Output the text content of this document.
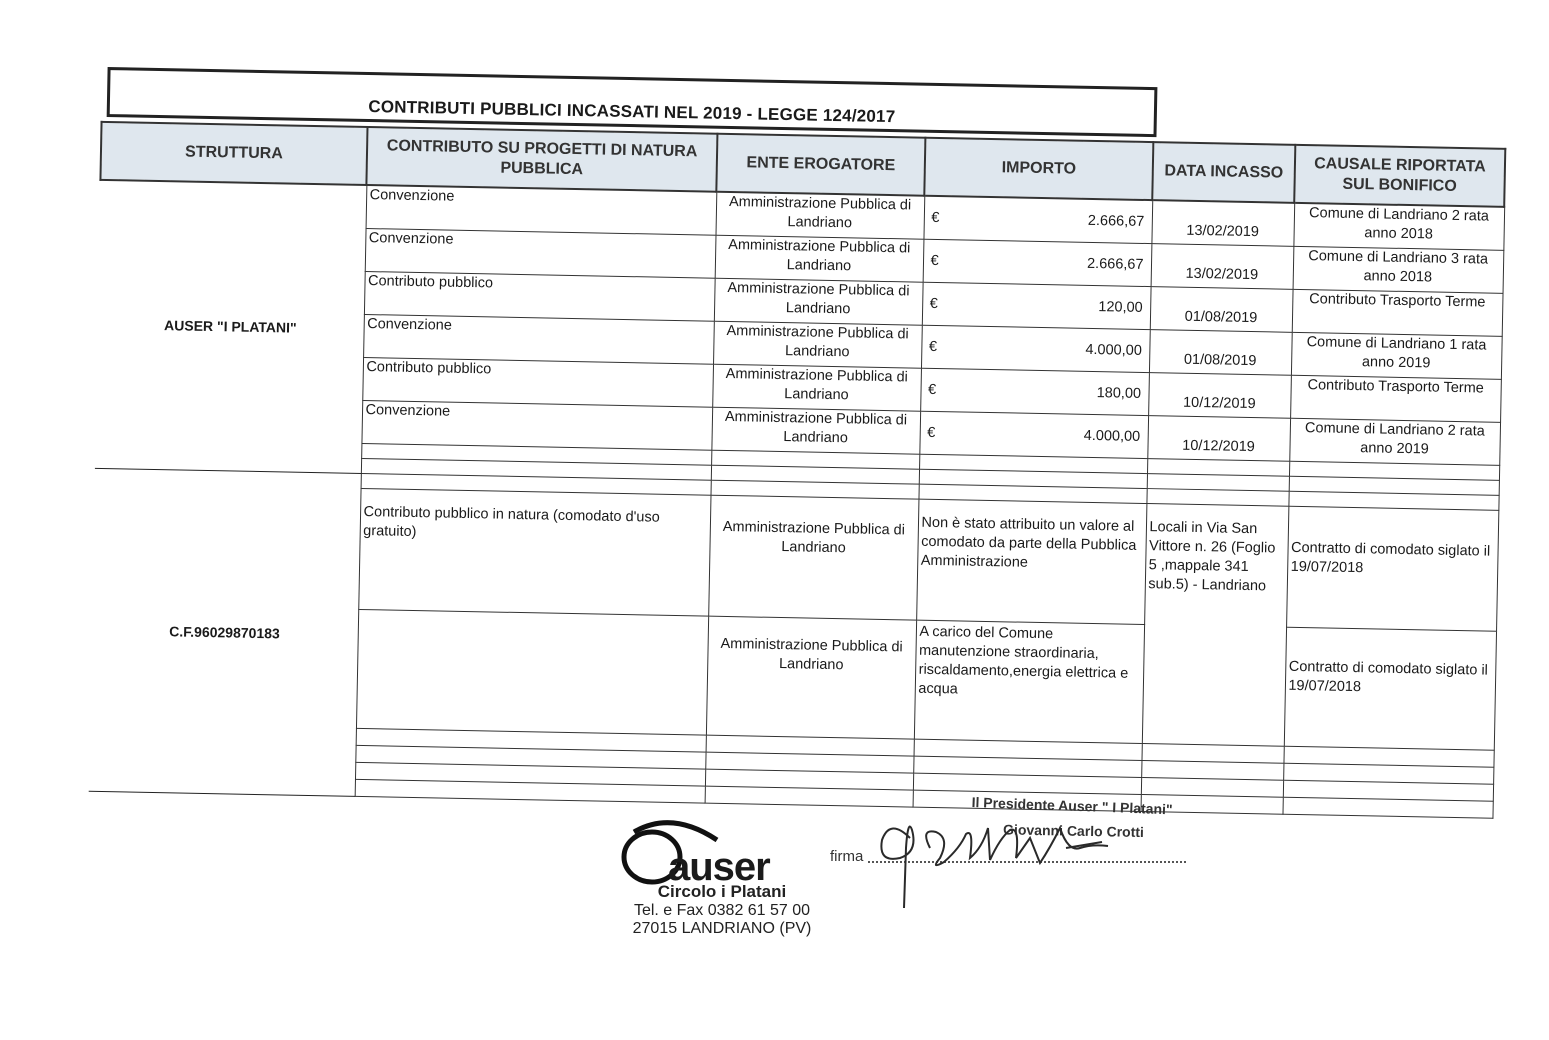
CONTRIBUTI PUBBLICI INCASSATI NEL 2019 - LEGGE 124/2017
STRUTTURA	CONTRIBUTO SU PROGETTI DI NATURA PUBBLICA	ENTE EROGATORE	IMPORTO	DATA INCASSO	CAUSALE RIPORTATA SUL BONIFICO
AUSER "I PLATANI"	Convenzione	Amministrazione Pubblica di Landriano	€ 2.666,67	13/02/2019	Comune di Landriano 2 rata anno 2018
	Convenzione	Amministrazione Pubblica di Landriano	€ 2.666,67	13/02/2019	Comune di Landriano 3 rata anno 2018
	Contributo pubblico	Amministrazione Pubblica di Landriano	€ 120,00	01/08/2019	Contributo Trasporto Terme
	Convenzione	Amministrazione Pubblica di Landriano	€ 4.000,00	01/08/2019	Comune di Landriano 1 rata anno 2019
	Contributo pubblico	Amministrazione Pubblica di Landriano	€ 180,00	10/12/2019	Contributo Trasporto Terme
	Convenzione	Amministrazione Pubblica di Landriano	€ 4.000,00	10/12/2019	Comune di Landriano 2 rata anno 2019

C.F.96029870183					
	Contributo pubblico in natura (comodato d'uso gratuito)	Amministrazione Pubblica di Landriano	Non è stato attribuito un valore al comodato da parte della Pubblica Amministrazione	Locali in Via San Vittore n. 26 (Foglio 5 ,mappale 341 sub.5) - Landriano	Contratto di comodato siglato il 19/07/2018
		Amministrazione Pubblica di Landriano	A carico del Comune manutenzione straordinaria, riscaldamento,energia elettrica e acqua		Contratto di comodato siglato il 19/07/2018

Il Presidente Auser " I Platani"
Giovanni Carlo Crotti
auser
Circolo i Platani
Tel. e Fax 0382 61 57 00
27015 LANDRIANO (PV)
firma
